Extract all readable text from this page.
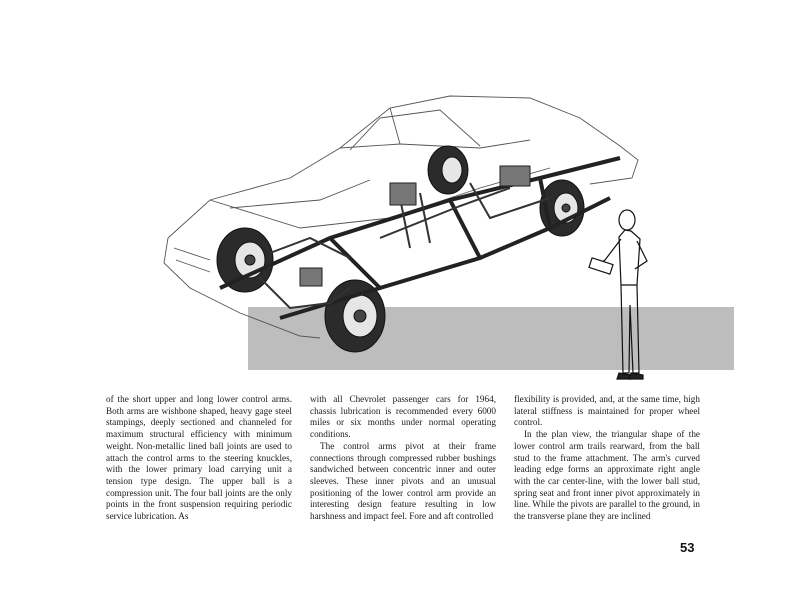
of the short upper and long lower control arms. Both arms are wishbone shaped, heavy gage steel stampings, deeply sectioned and channeled for maximum structural efficiency with minimum weight. Non-metallic lined ball joints are used to attach the control arms to the steering knuckles, with the lower primary load carrying unit a tension type design. The upper ball is a compression unit. The four ball joints are the only points in the front suspension requiring periodic service lubrication. As

with all Chevrolet passenger cars for 1964, chassis lubrication is recommended every 6000 miles or six months under normal operating conditions.

The control arms pivot at their frame connections through compressed rubber bushings sandwiched between concentric inner and outer sleeves. These inner pivots and an unusual positioning of the lower control arm provide an interesting design feature resulting in low harshness and impact feel. Fore and aft controlled

flexibility is provided, and, at the same time, high lateral stiffness is maintained for proper wheel control.

In the plan view, the triangular shape of the lower control arm trails rearward, from the ball stud to the frame attachment. The arm's curved leading edge forms an approximate right angle with the car center-line, with the lower ball stud, spring seat and front inner pivot approximately in line. While the pivots are parallel to the ground, in the transverse plane they are inclined

53
